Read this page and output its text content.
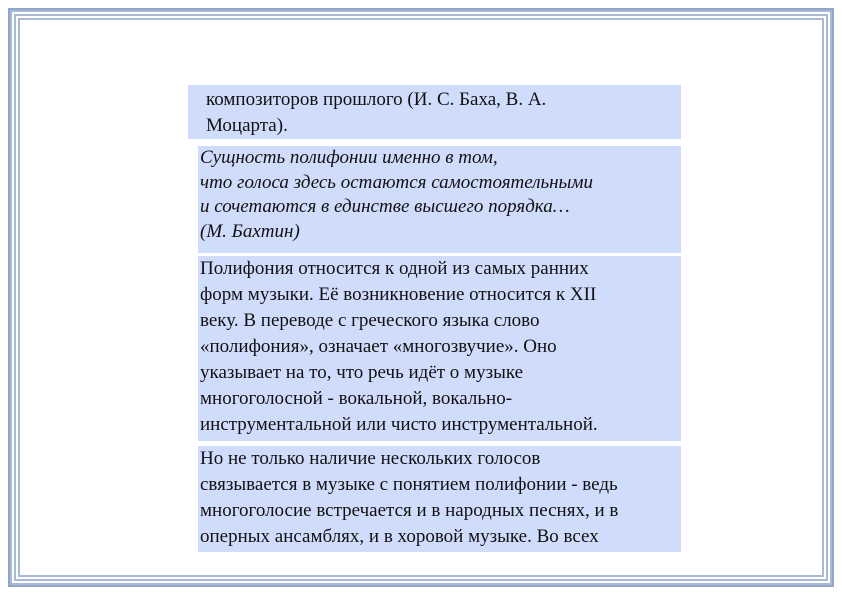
композиторов прошлого (И. С. Баха, В. А.
Моцарта).
Сущность полифонии именно в том,
что голоса здесь остаются самостоятельными
и сочетаются в единстве высшего порядка…
(М. Бахтин)
Полифония относится к одной из самых ранних
форм музыки. Её возникновение относится к XII
веку. В переводе с греческого языка слово
«полифония», означает «многозвучие». Оно
указывает на то, что речь идёт о музыке
многоголосной - вокальной, вокально-
инструментальной или чисто инструментальной.
Но не только наличие нескольких голосов
связывается в музыке с понятием полифонии - ведь
многоголосие встречается и в народных песнях, и в
оперных ансамблях, и в хоровой музыке. Во всех
